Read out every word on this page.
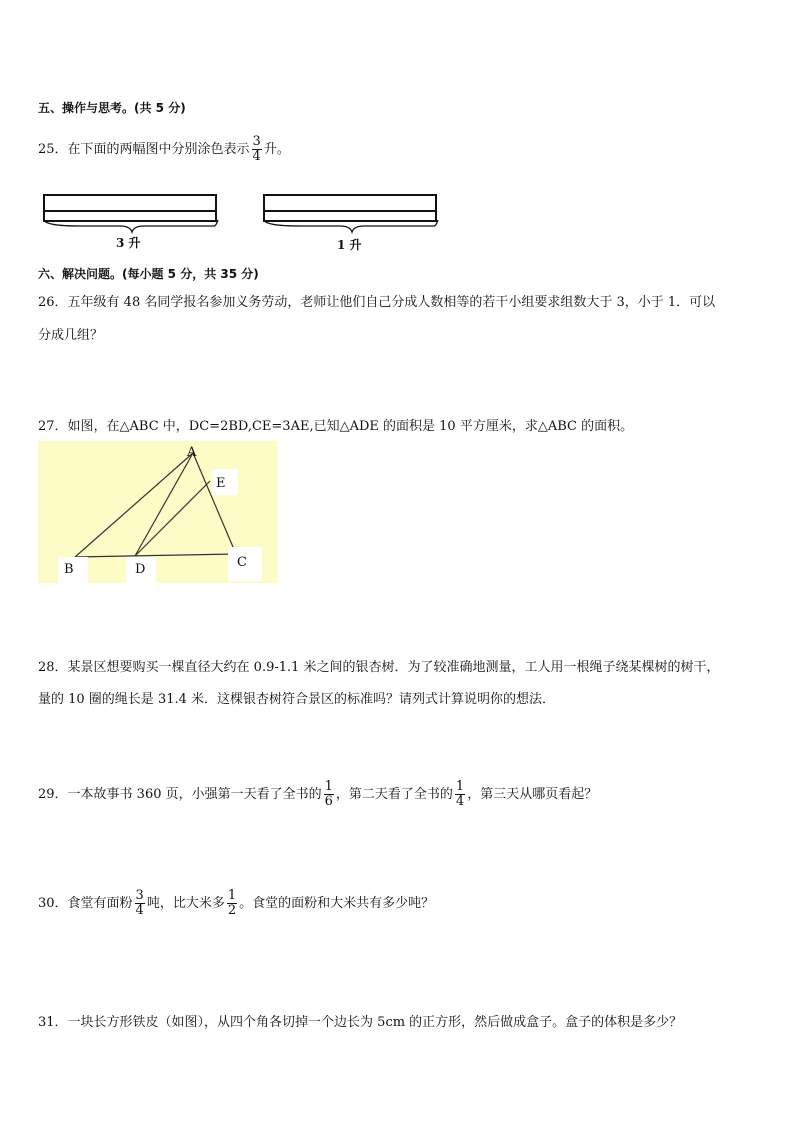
五、操作与思考。(共 5 分)
25．在下面的两幅图中分别涂色表示 $\frac{3}{4}$ 升。
3 升	1 升
六、解决问题。(每小题 5 分，共 35 分)
26．五年级有 48 名同学报名参加义务劳动，老师让他们自己分成人数相等的若干小组要求组数大于 3，小于 1．可以
分成几组？
27．如图，在△ABC 中，DC=2BD,CE=3AE,已知△ADE 的面积是 10 平方厘米，求△ABC 的面积。
A
E
B	D	C
28．某景区想要购买一棵直径大约在 0.9-1.1 米之间的银杏树．为了较准确地测量，工人用一根绳子绕某棵树的树干，
量的 10 圈的绳长是 31.4 米．这棵银杏树符合景区的标准吗？请列式计算说明你的想法．
29．一本故事书 360 页，小强第一天看了全书的 $\frac{1}{6}$ ，第二天看了全书的 $\frac{1}{4}$ ，第三天从哪页看起？
30．食堂有面粉 $\frac{3}{4}$ 吨，比大米多 $\frac{1}{2}$ 。食堂的面粉和大米共有多少吨？
31．一块长方形铁皮（如图），从四个角各切掉一个边长为 5cm 的正方形，然后做成盒子。盒子的体积是多少？
